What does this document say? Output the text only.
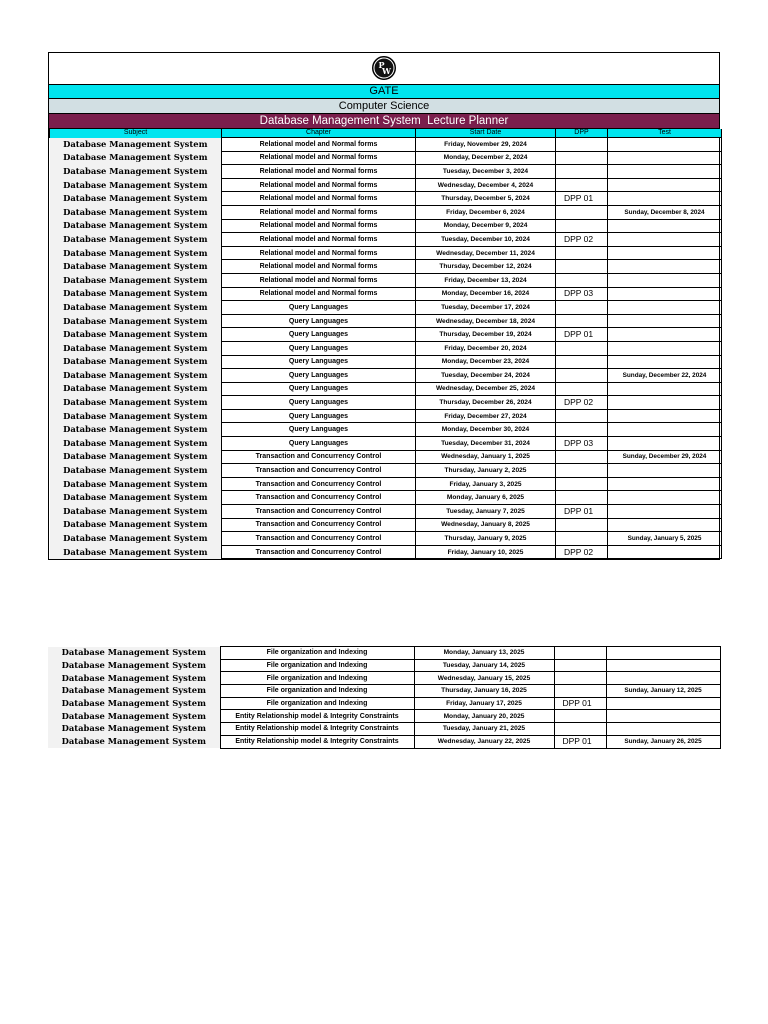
P
W
GATE
Computer Science
Database Management System  Lecture Planner
Subject	Chapter	Start Date	DPP	Test
Database Management System	Relational model and Normal forms	Friday, November 29, 2024		
Database Management System	Relational model and Normal forms	Monday, December 2, 2024		
Database Management System	Relational model and Normal forms	Tuesday, December 3, 2024		
Database Management System	Relational model and Normal forms	Wednesday, December 4, 2024		
Database Management System	Relational model and Normal forms	Thursday, December 5, 2024	DPP 01	
Database Management System	Relational model and Normal forms	Friday, December 6, 2024		Sunday, December 8, 2024
Database Management System	Relational model and Normal forms	Monday, December 9, 2024		
Database Management System	Relational model and Normal forms	Tuesday, December 10, 2024	DPP 02	
Database Management System	Relational model and Normal forms	Wednesday, December 11, 2024		
Database Management System	Relational model and Normal forms	Thursday, December 12, 2024		
Database Management System	Relational model and Normal forms	Friday, December 13, 2024		
Database Management System	Relational model and Normal forms	Monday, December 16, 2024	DPP 03	
Database Management System	Query Languages	Tuesday, December 17, 2024		
Database Management System	Query Languages	Wednesday, December 18, 2024		
Database Management System	Query Languages	Thursday, December 19, 2024	DPP 01	
Database Management System	Query Languages	Friday, December 20, 2024		
Database Management System	Query Languages	Monday, December 23, 2024		
Database Management System	Query Languages	Tuesday, December 24, 2024		Sunday, December 22, 2024
Database Management System	Query Languages	Wednesday, December 25, 2024		
Database Management System	Query Languages	Thursday, December 26, 2024	DPP 02	
Database Management System	Query Languages	Friday, December 27, 2024		
Database Management System	Query Languages	Monday, December 30, 2024		
Database Management System	Query Languages	Tuesday, December 31, 2024	DPP 03	
Database Management System	Transaction and Concurrency Control	Wednesday, January 1, 2025		Sunday, December 29, 2024
Database Management System	Transaction and Concurrency Control	Thursday, January 2, 2025		
Database Management System	Transaction and Concurrency Control	Friday, January 3, 2025		
Database Management System	Transaction and Concurrency Control	Monday, January 6, 2025		
Database Management System	Transaction and Concurrency Control	Tuesday, January 7, 2025	DPP 01	
Database Management System	Transaction and Concurrency Control	Wednesday, January 8, 2025		
Database Management System	Transaction and Concurrency Control	Thursday, January 9, 2025		Sunday, January 5, 2025
Database Management System	Transaction and Concurrency Control	Friday, January 10, 2025	DPP 02	
Database Management System	File organization and Indexing	Monday, January 13, 2025		
Database Management System	File organization and Indexing	Tuesday, January 14, 2025		
Database Management System	File organization and Indexing	Wednesday, January 15, 2025		
Database Management System	File organization and Indexing	Thursday, January 16, 2025		Sunday, January 12, 2025
Database Management System	File organization and Indexing	Friday, January 17, 2025	DPP 01	
Database Management System	Entity Relationship model & Integrity Constraints	Monday, January 20, 2025		
Database Management System	Entity Relationship model & Integrity Constraints	Tuesday, January 21, 2025		
Database Management System	Entity Relationship model & Integrity Constraints	Wednesday, January 22, 2025	DPP 01	Sunday, January 26, 2025
